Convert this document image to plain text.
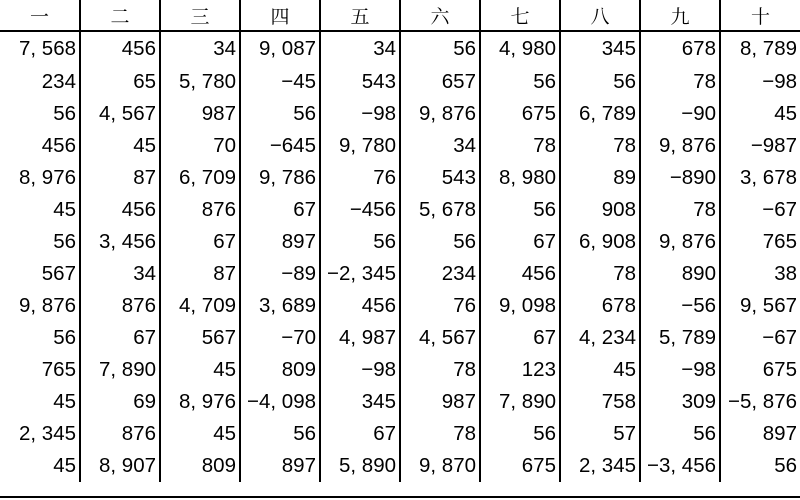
一	二	三	四	五	六	七	八	九	十
7, 568	456	34	9, 087	34	56	4, 980	345	678	8, 789
234	65	5, 780	−45	543	657	56	56	78	−98
56	4, 567	987	56	−98	9, 876	675	6, 789	−90	45
456	45	70	−645	9, 780	34	78	78	9, 876	−987
8, 976	87	6, 709	9, 786	76	543	8, 980	89	−890	3, 678
45	456	876	67	−456	5, 678	56	908	78	−67
56	3, 456	67	897	56	56	67	6, 908	9, 876	765
567	34	87	−89	−2, 345	234	456	78	890	38
9, 876	876	4, 709	3, 689	456	76	9, 098	678	−56	9, 567
56	67	567	−70	4, 987	4, 567	67	4, 234	5, 789	−67
765	7, 890	45	809	−98	78	123	45	−98	675
45	69	8, 976	−4, 098	345	987	7, 890	758	309	−5, 876
2, 345	876	45	56	67	78	56	57	56	897
45	8, 907	809	897	5, 890	9, 870	675	2, 345	−3, 456	56
